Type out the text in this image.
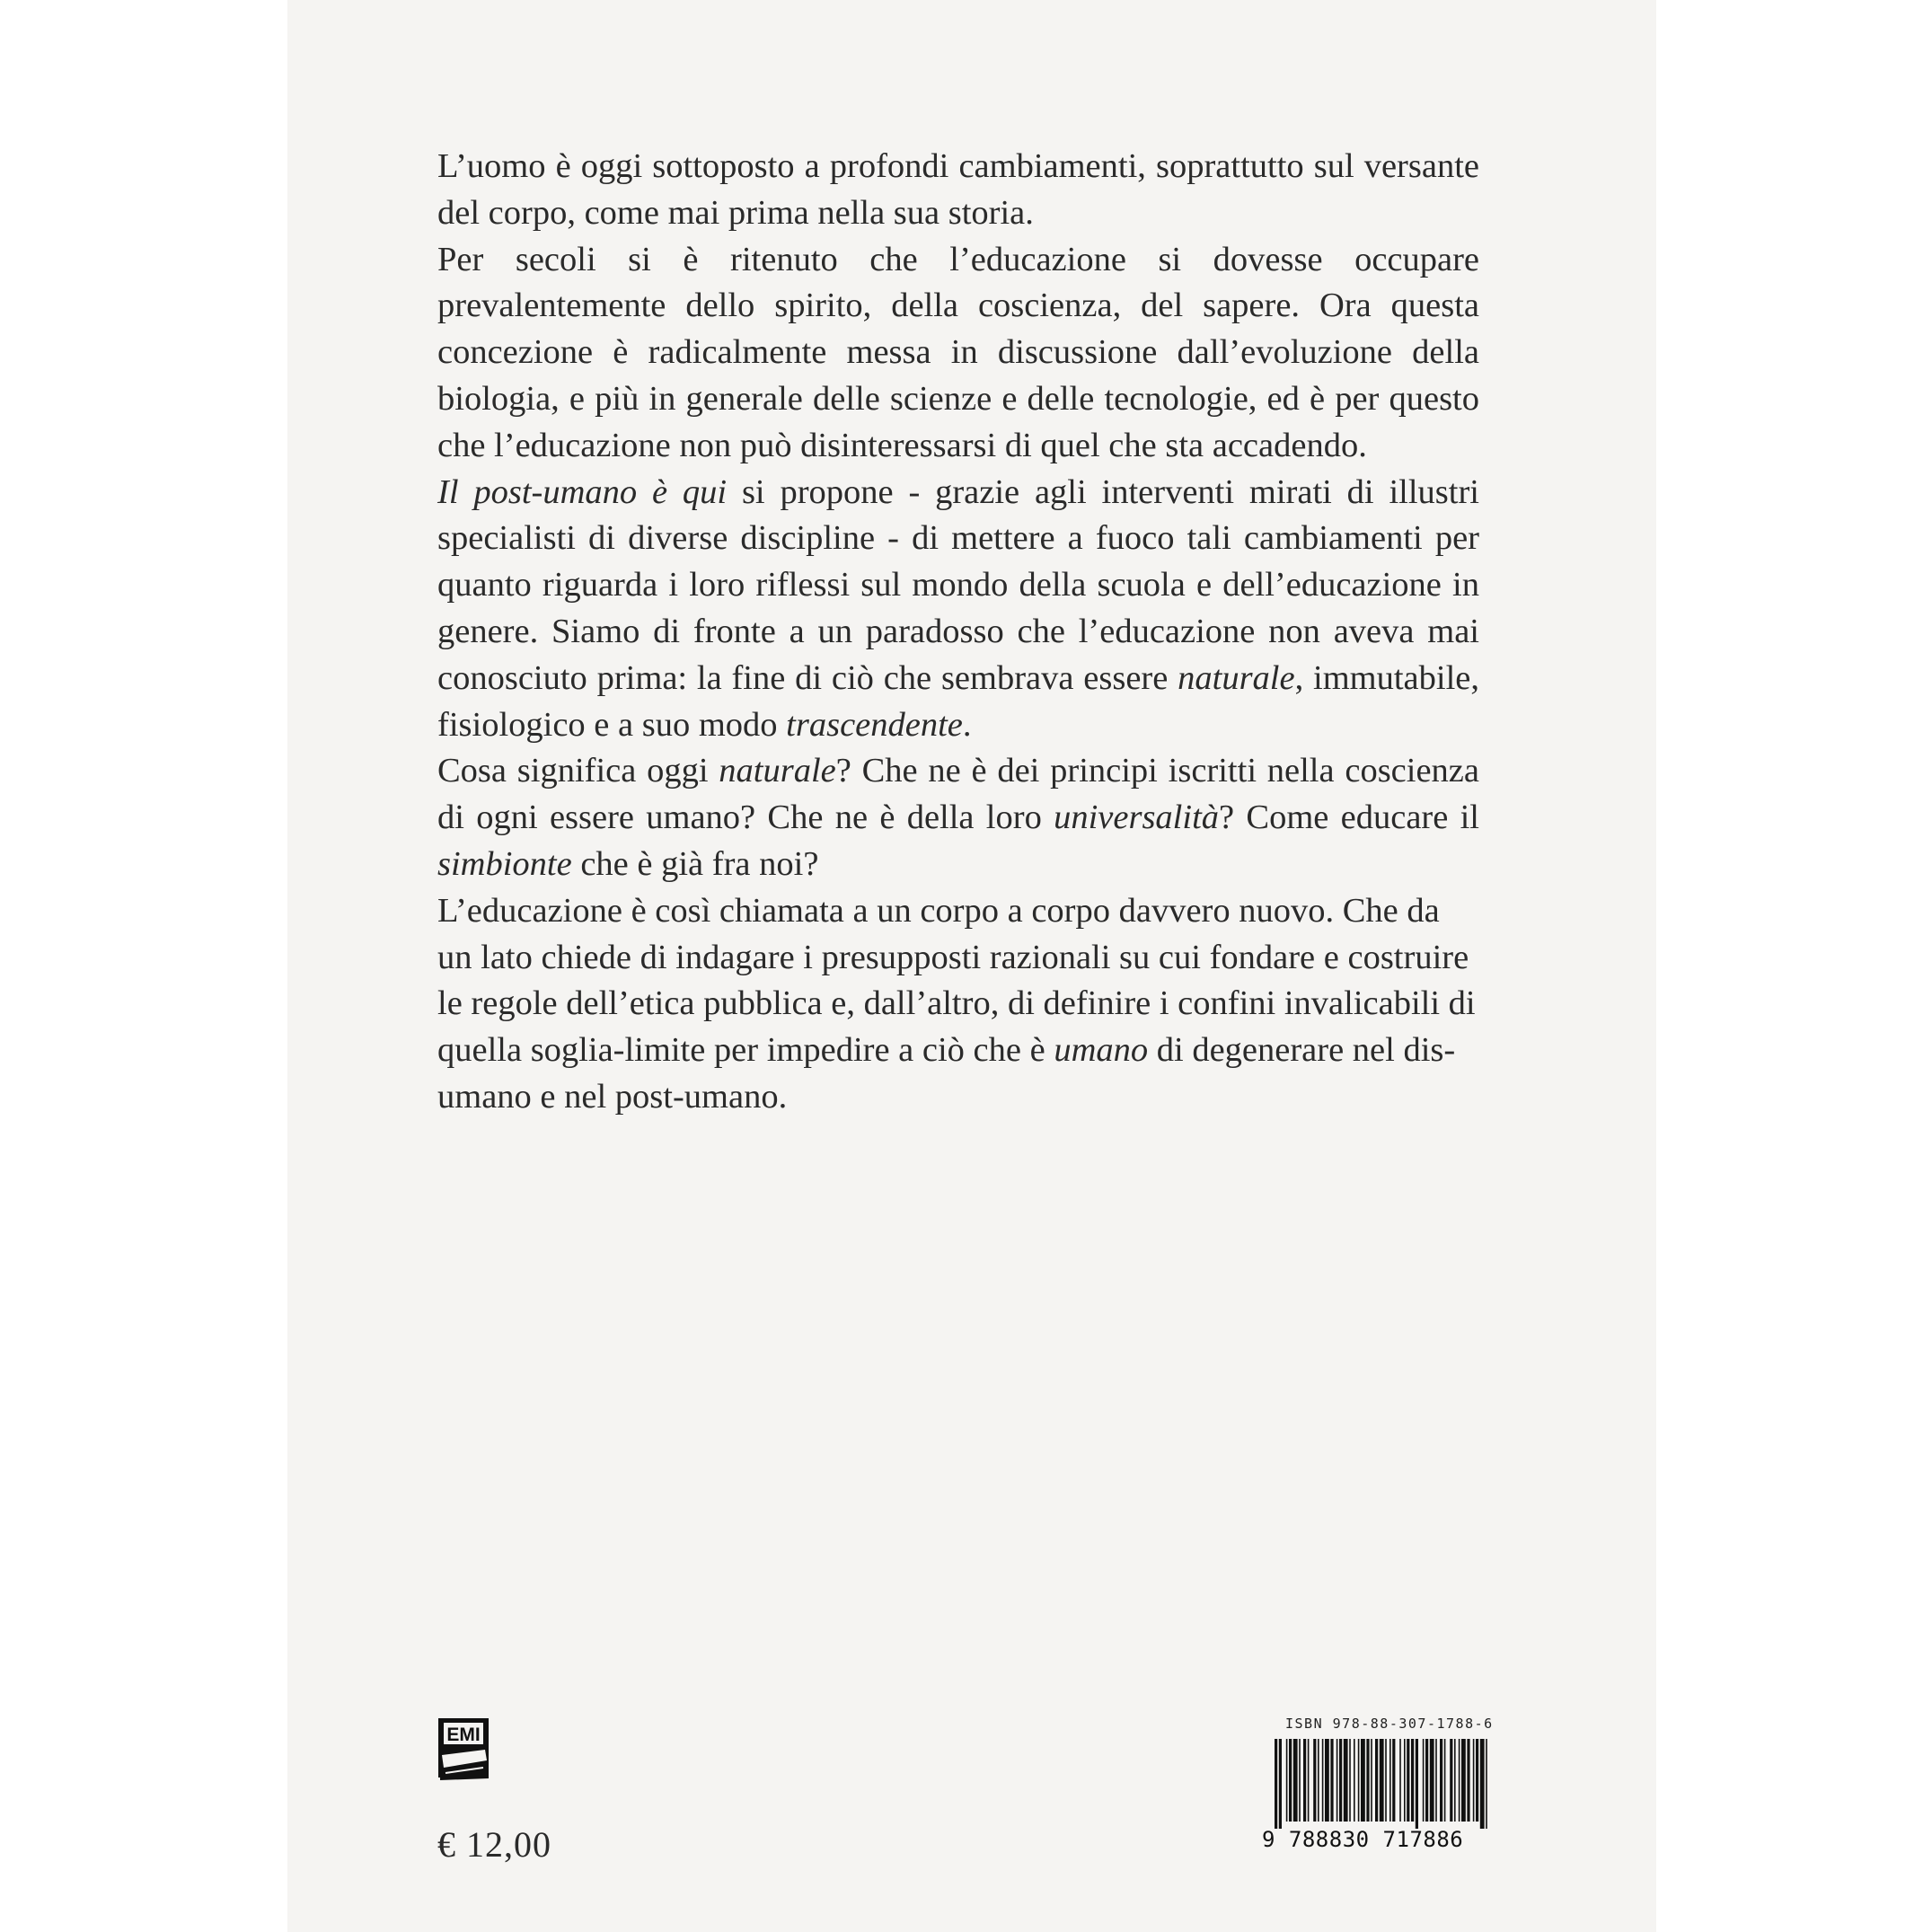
L’uomo è oggi sottoposto a profondi cambiamenti, soprattutto sul versante del corpo, come mai prima nella sua storia.

Per secoli si è ritenuto che l’educazione si dovesse occupare prevalentemente dello spirito, della coscienza, del sapere. Ora questa concezione è radicalmente messa in discussione dall’evoluzione della biologia, e più in generale delle scienze e delle tecnologie, ed è per questo che l’educazione non può disinteressarsi di quel che sta accadendo.

Il post-umano è qui si propone - grazie agli interventi mirati di illustri specialisti di diverse discipline - di mettere a fuoco tali cambiamenti per quanto riguarda i loro riflessi sul mondo della scuola e dell’educazione in genere. Siamo di fronte a un paradosso che l’educazione non aveva mai conosciuto prima: la fine di ciò che sembrava essere naturale, immutabile, fisiologico e a suo modo trascendente.

Cosa significa oggi naturale? Che ne è dei principi iscritti nella coscienza di ogni essere umano? Che ne è della loro universalità? Come educare il simbionte che è già fra noi?

L’educazione è così chiamata a un corpo a corpo davvero nuovo. Che da un lato chiede di indagare i presupposti razionali su cui fondare e costruire le regole dell’etica pubblica e, dall’altro, di definire i confini invalicabili di quella soglia-limite per impedire a ciò che è umano di degenerare nel dis-umano e nel post-umano.

EMI
€ 12,00
ISBN 978-88-307-1788-6
9 788830 717886
